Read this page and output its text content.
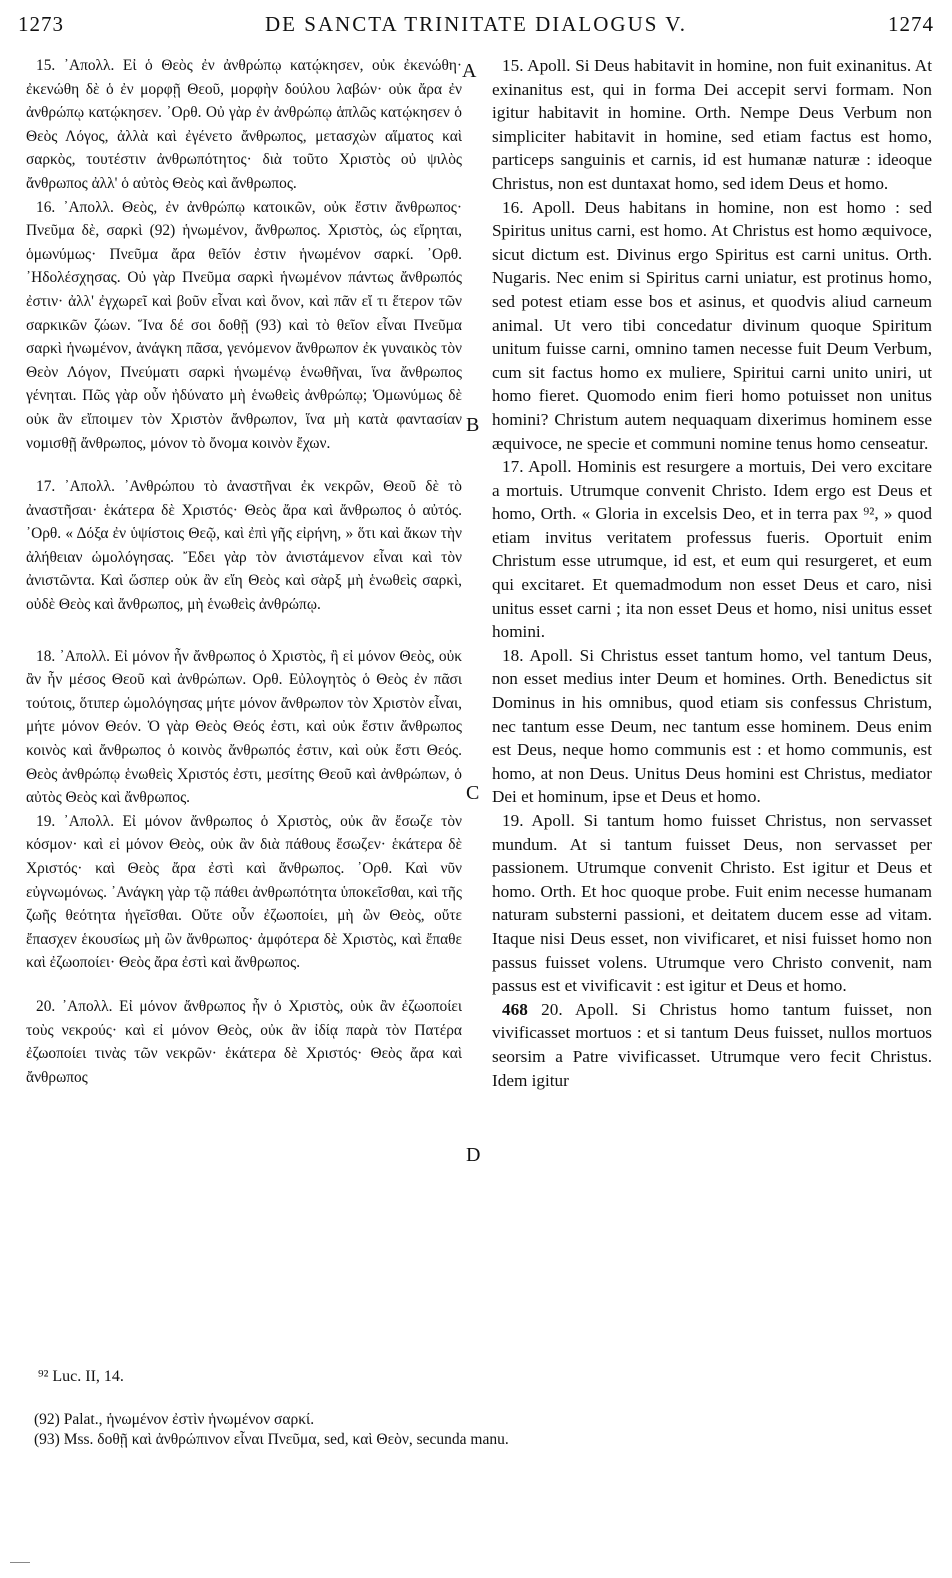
1273	DE SANCTA TRINITATE DIALOGUS V.	1274

15. ᾿Απολλ. Εἰ ὁ Θεὸς ἐν ἀνθρώπῳ κατῴκησεν, οὐκ ἐκενώθη· ἐκενώθη δὲ ὁ ἐν μορφῇ Θεοῦ, μορφὴν δούλου λαβών· οὐκ ἄρα ἐν ἀνθρώπῳ κατῴκησεν. ᾿Ορθ. Οὐ γὰρ ἐν ἀνθρώπῳ ἁπλῶς κατῴκησεν ὁ Θεὸς Λόγος, ἀλλὰ καὶ ἐγένετο ἄνθρωπος, μετασχὼν αἵματος καὶ σαρκὸς, τουτέστιν ἀνθρωπότητος· διὰ τοῦτο Χριστὸς οὐ ψιλὸς ἄνθρωπος ἀλλ' ὁ αὐτὸς Θεὸς καὶ ἄνθρωπος.

16. ᾿Απολλ. Θεὸς, ἐν ἀνθρώπῳ κατοικῶν, οὐκ ἔστιν ἄνθρωπος· Πνεῦμα δὲ, σαρκὶ (92) ἡνωμένον, ἄνθρωπος. Χριστὸς, ὡς εἴρηται, ὁμωνύμως· Πνεῦμα ἄρα θεῖόν ἐστιν ἡνωμένον σαρκί. ᾿Ορθ. ᾿Ηδολέσχησας. Οὐ γὰρ Πνεῦμα σαρκὶ ἡνωμένον πάντως ἄνθρωπός ἐστιν· ἀλλ' ἐγχωρεῖ καὶ βοῦν εἶναι καὶ ὄνον, καὶ πᾶν εἴ τι ἕτερον τῶν σαρκικῶν ζώων. Ἵνα δέ σοι δοθῇ (93) καὶ τὸ θεῖον εἶναι Πνεῦμα σαρκὶ ἡνωμένον, ἀνάγκη πᾶσα, γενόμενον ἄνθρωπον ἐκ γυναικὸς τὸν Θεὸν Λόγον, Πνεύματι σαρκὶ ἡνωμένῳ ἑνωθῆναι, ἵνα ἄνθρωπος γένηται. Πῶς γὰρ οὖν ἠδύνατο μὴ ἑνωθεὶς ἀνθρώπῳ; Ὁμωνύμως δὲ οὐκ ἂν εἴποιμεν τὸν Χριστὸν ἄνθρωπον, ἵνα μὴ κατὰ φαντασίαν νομισθῇ ἄνθρωπος, μόνον τὸ ὄνομα κοινὸν ἔχων.

17. ᾿Απολλ. ᾿Ανθρώπου τὸ ἀναστῆναι ἐκ νεκρῶν, Θεοῦ δὲ τὸ ἀναστῆσαι· ἑκάτερα δὲ Χριστός· Θεὸς ἄρα καὶ ἄνθρωπος ὁ αὐτός. ᾿Ορθ. « Δόξα ἐν ὑψίστοις Θεῷ, καὶ ἐπὶ γῆς εἰρήνη, » ὅτι καὶ ἄκων τὴν ἀλήθειαν ὡμολόγησας. Ἔδει γὰρ τὸν ἀνιστάμενον εἶναι καὶ τὸν ἀνιστῶντα. Καὶ ὥσπερ οὐκ ἂν εἴη Θεὸς καὶ σὰρξ μὴ ἑνωθεὶς σαρκὶ, οὐδὲ Θεὸς καὶ ἄνθρωπος, μὴ ἑνωθεὶς ἀνθρώπῳ.

18. ᾿Απολλ. Εἰ μόνον ἦν ἄνθρωπος ὁ Χριστὸς, ἢ εἰ μόνον Θεὸς, οὐκ ἂν ἦν μέσος Θεοῦ καὶ ἀνθρώπων. Ορθ. Εὐλογητὸς ὁ Θεὸς ἐν πᾶσι τούτοις, ὅτιπερ ὡμολόγησας μήτε μόνον ἄνθρωπον τὸν Χριστὸν εἶναι, μήτε μόνον Θεόν. Ὁ γὰρ Θεὸς Θεός ἐστι, καὶ οὐκ ἔστιν ἄνθρωπος κοινὸς καὶ ἄνθρωπος ὁ κοινὸς ἄνθρωπός ἐστιν, καὶ οὐκ ἔστι Θεός. Θεὸς ἀνθρώπῳ ἑνωθεὶς Χριστός ἐστι, μεσίτης Θεοῦ καὶ ἀνθρώπων, ὁ αὐτὸς Θεὸς καὶ ἄνθρωπος.

19. ᾿Απολλ. Εἰ μόνον ἄνθρωπος ὁ Χριστὸς, οὐκ ἂν ἔσωζε τὸν κόσμον· καὶ εἰ μόνον Θεὸς, οὐκ ἂν διὰ πάθους ἔσωζεν· ἑκάτερα δὲ Χριστός· καὶ Θεὸς ἄρα ἐστὶ καὶ ἄνθρωπος. ᾿Ορθ. Καὶ νῦν εὐγνωμόνως. ᾿Ανάγκη γὰρ τῷ πάθει ἀνθρωπότητα ὑποκεῖσθαι, καὶ τῆς ζωῆς θεότητα ἡγεῖσθαι. Οὔτε οὖν ἐζωοποίει, μὴ ὢν Θεὸς, οὔτε ἔπασχεν ἑκουσίως μὴ ὢν ἄνθρωπος· ἀμφότερα δὲ Χριστὸς, καὶ ἔπαθε καὶ ἐζωοποίει· Θεὸς ἄρα ἐστὶ καὶ ἄνθρωπος.

20. ᾿Απολλ. Εἰ μόνον ἄνθρωπος ἦν ὁ Χριστὸς, οὐκ ἂν ἐζωοποίει τοὺς νεκρούς· καὶ εἰ μόνον Θεὸς, οὐκ ἂν ἰδίᾳ παρὰ τὸν Πατέρα ἐζωοποίει τινὰς τῶν νεκρῶν· ἑκάτερα δὲ Χριστός· Θεὸς ἄρα καὶ ἄνθρωπος

A
B
C
D

15. Apoll. Si Deus habitavit in homine, non fuit exinanitus. At exinanitus est, qui in forma Dei accepit servi formam. Non igitur habitavit in homine. Orth. Nempe Deus Verbum non simpliciter habitavit in homine, sed etiam factus est homo, particeps sanguinis et carnis, id est humanæ naturæ : ideoque Christus, non est duntaxat homo, sed idem Deus et homo.

16. Apoll. Deus habitans in homine, non est homo : sed Spiritus unitus carni, est homo. At Christus est homo æquivoce, sicut dictum est. Divinus ergo Spiritus est carni unitus. Orth. Nugaris. Nec enim si Spiritus carni uniatur, est protinus homo, sed potest etiam esse bos et asinus, et quodvis aliud carneum animal. Ut vero tibi concedatur divinum quoque Spiritum unitum fuisse carni, omnino tamen necesse fuit Deum Verbum, cum sit factus homo ex muliere, Spiritui carni unito uniri, ut homo fieret. Quomodo enim fieri homo potuisset non unitus homini? Christum autem nequaquam dixerimus hominem esse æquivoce, ne specie et communi nomine tenus homo censeatur.

17. Apoll. Hominis est resurgere a mortuis, Dei vero excitare a mortuis. Utrumque convenit Christo. Idem ergo est Deus et homo, Orth. « Gloria in excelsis Deo, et in terra pax ⁹², » quod etiam invitus veritatem professus fueris. Oportuit enim Christum esse utrumque, id est, et eum qui resurgeret, et eum qui excitaret. Et quemadmodum non esset Deus et caro, nisi unitus esset carni ; ita non esset Deus et homo, nisi unitus esset homini.

18. Apoll. Si Christus esset tantum homo, vel tantum Deus, non esset medius inter Deum et homines. Orth. Benedictus sit Dominus in his omnibus, quod etiam sis confessus Christum, nec tantum esse Deum, nec tantum esse hominem. Deus enim est Deus, neque homo communis est : et homo communis, est homo, at non Deus. Unitus Deus homini est Christus, mediator Dei et hominum, ipse et Deus et homo.

19. Apoll. Si tantum homo fuisset Christus, non servasset mundum. At si tantum fuisset Deus, non servasset per passionem. Utrumque convenit Christo. Est igitur et Deus et homo. Orth. Et hoc quoque probe. Fuit enim necesse humanam naturam substerni passioni, et deitatem ducem esse ad vitam. Itaque nisi Deus esset, non vivificaret, et nisi fuisset homo non passus fuisset volens. Utrumque vero Christo convenit, nam passus est et vivificavit : est igitur et Deus et homo.

468 20. Apoll. Si Christus homo tantum fuisset, non vivificasset mortuos : et si tantum Deus fuisset, nullos mortuos seorsim a Patre vivificasset. Utrumque vero fecit Christus. Idem igitur

⁹² Luc. II, 14.
(92) Palat., ἡνωμένον ἐστὶν ἡνωμένον σαρκί.
(93) Mss. δοθῇ καὶ ἀνθρώπινον εἶναι Πνεῦμα, sed, καὶ Θεὸν, secunda manu.
